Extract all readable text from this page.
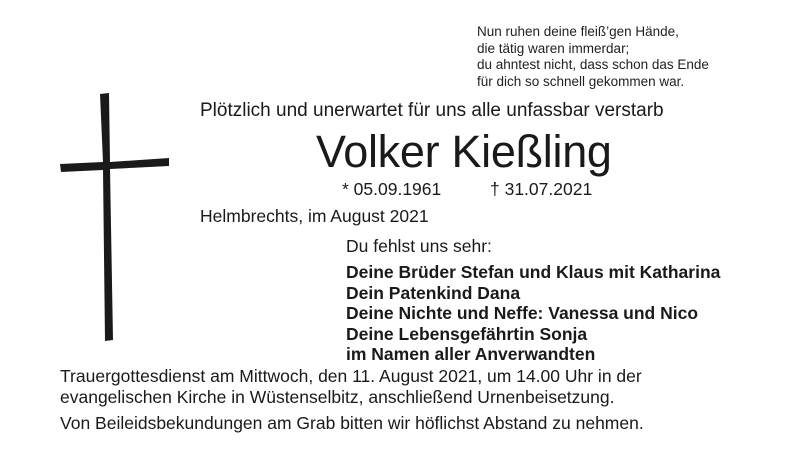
Nun ruhen deine fleiß’gen Hände,
die tätig waren immerdar;
du ahntest nicht, dass schon das Ende
für dich so schnell gekommen war.
Plötzlich und unerwartet für uns alle unfassbar verstarb
Volker Kießling
* 05.09.1961	† 31.07.2021
Helmbrechts, im August 2021
Du fehlst uns sehr:
Deine Brüder Stefan und Klaus mit Katharina
Dein Patenkind Dana
Deine Nichte und Neffe: Vanessa und Nico
Deine Lebensgefährtin Sonja
im Namen aller Anverwandten
Trauergottesdienst am Mittwoch, den 11. August 2021, um 14.00 Uhr in der
evangelischen Kirche in Wüstenselbitz, anschließend Urnenbeisetzung.
Von Beileidsbekundungen am Grab bitten wir höflichst Abstand zu nehmen.
